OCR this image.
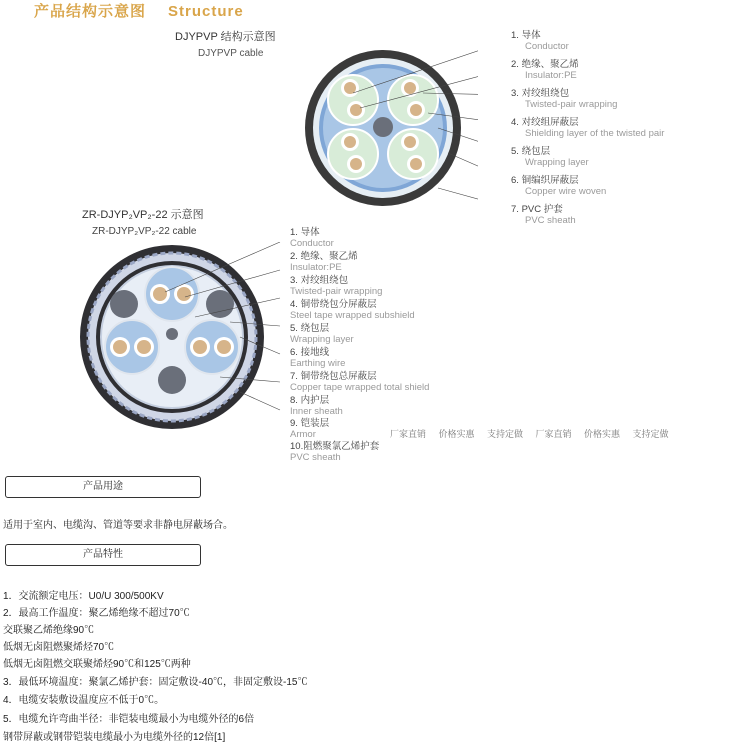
产品结构示意图 Structure
DJYPVP 结构示意图
DJYPVP cable
1. 导体
Conductor
2. 绝缘、聚乙烯
Insulator:PE
3. 对绞组绕包
Twisted-pair wrapping
4. 对绞组屏蔽层
Shielding layer of the twisted pair
5. 绕包层
Wrapping layer
6. 铜编织屏蔽层
Copper wire woven
7. PVC 护套
PVC sheath
ZR-DJYP₂VP₂-22 示意图
ZR-DJYP₂VP₂-22 cable	1. 导体
Conductor
2. 绝缘、聚乙烯
Insulator:PE
3. 对绞组绕包
Twisted-pair wrapping
4. 铜带绕包分屏蔽层
Steel tape wrapped subshield
5. 绕包层
Wrapping layer
6. 接地线
Earthing wire
7. 铜带绕包总屏蔽层
Copper tape wrapped total shield
8. 内护层
Inner sheath
9. 铠装层
Armor
10.阻燃聚氯乙烯护套
PVC sheath
厂家直销 价格实惠 支持定做 厂家直销 价格实惠 支持定做
产品用途
适用于室内、电缆沟、管道等要求非静电屏蔽场合。
产品特性
1．交流额定电压：U0/U 300/500KV
2．最高工作温度：聚乙烯绝缘不超过70℃
交联聚乙烯绝缘90℃
低烟无卤阻燃聚烯烃70℃
低烟无卤阻燃交联聚烯烃90℃和125℃两种
3．最低环境温度：聚氯乙烯护套：固定敷设-40℃，非固定敷设-15℃
4．电缆安装敷设温度应不低于0℃。
5．电缆允许弯曲半径：非铠装电缆最小为电缆外径的6倍
钢带屏蔽或钢带铠装电缆最小为电缆外径的12倍[1]
